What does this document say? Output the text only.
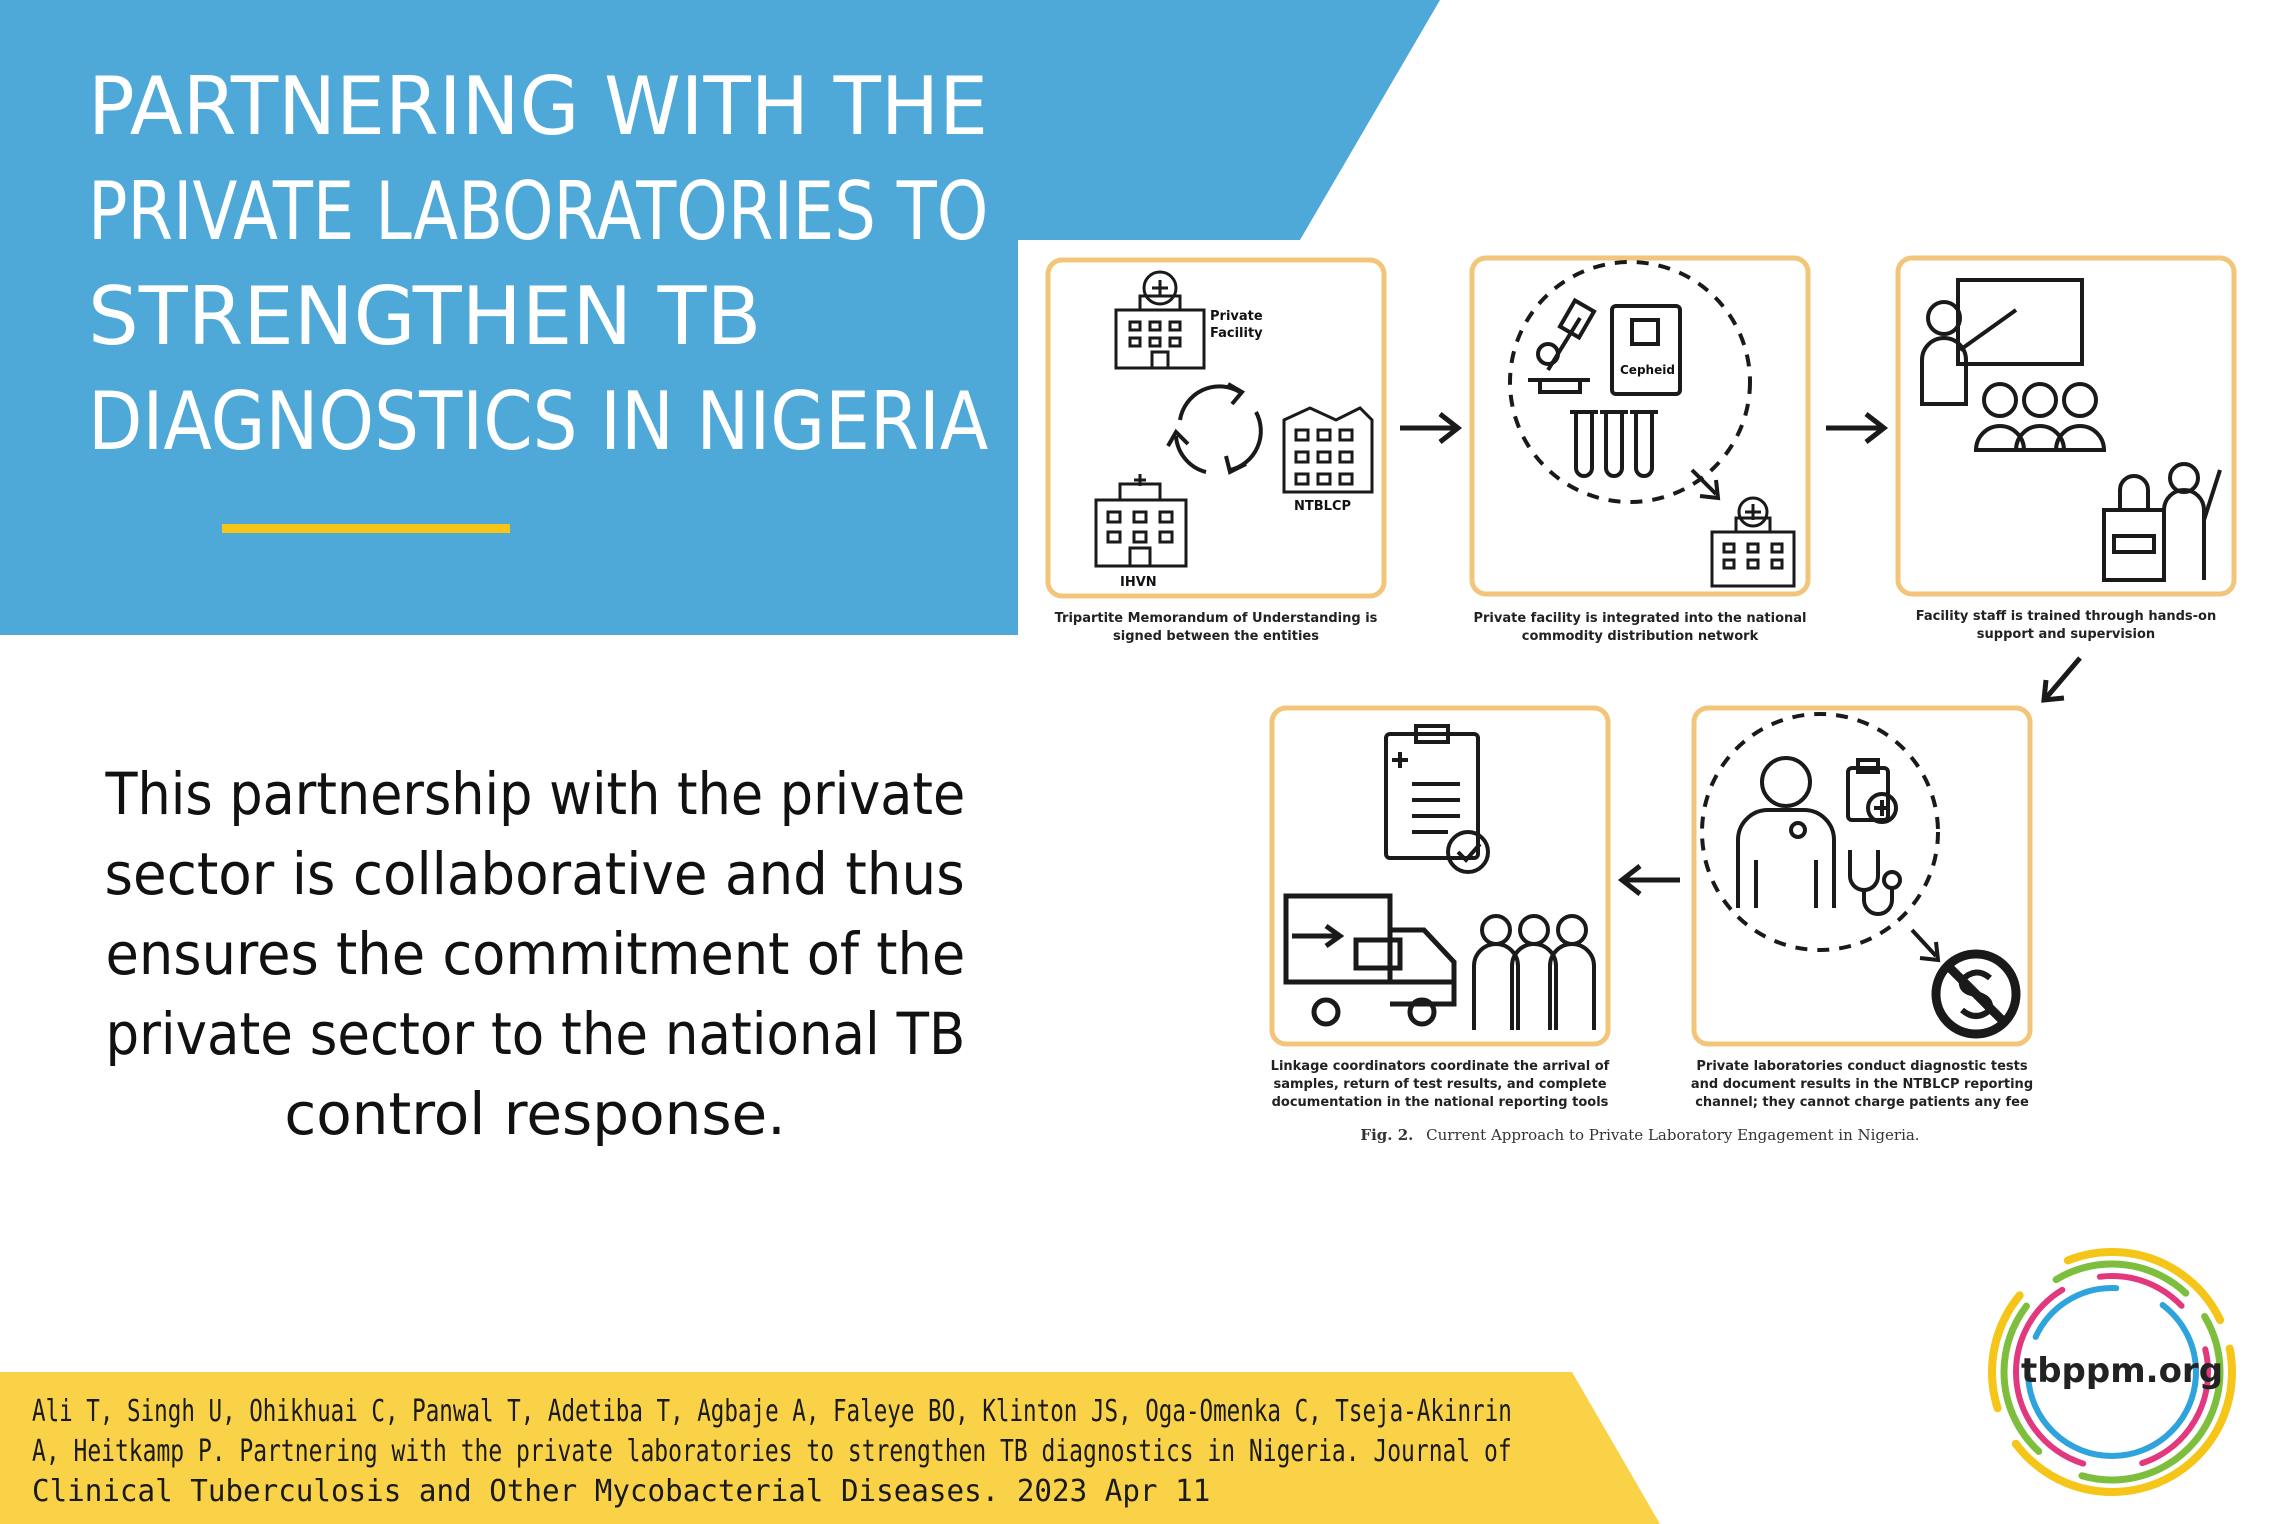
PARTNERING WITH THE
PRIVATE LABORATORIES TO
STRENGTHEN TB
DIAGNOSTICS IN NIGERIA
This partnership with the private
sector is collaborative and thus
ensures the commitment of the
private sector to the national TB
control response.
Private
Facility
NTBLCP
IHVN
Cepheid
Tripartite Memorandum of Understanding is
signed between the entities
Private facility is integrated into the national
commodity distribution network
Facility staff is trained through hands-on
support and supervision
Private laboratories conduct diagnostic tests
and document results in the NTBLCP reporting
channel; they cannot charge patients any fee
Linkage coordinators coordinate the arrival of
samples, return of test results, and complete
documentation in the national reporting tools
Fig. 2. Current Approach to Private Laboratory Engagement in Nigeria.
tbppm.org
Ali T, Singh U, Ohikhuai C, Panwal T, Adetiba T, Agbaje A, Faleye BO, Klinton JS, Oga-Omenka C, Tseja-Akinrin
A, Heitkamp P. Partnering with the private laboratories to strengthen TB diagnostics in Nigeria. Journal of
Clinical Tuberculosis and Other Mycobacterial Diseases. 2023 Apr 11
